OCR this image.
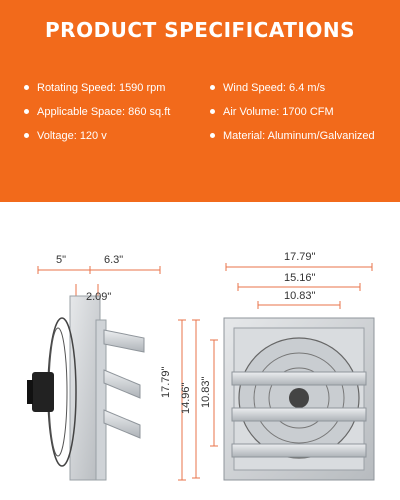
PRODUCT SPECIFICATIONS
Rotating Speed: 1590 rpm	Wind Speed: 6.4 m/s
Applicable Space: 860 sq.ft	Air Volume: 1700 CFM
Voltage: 120 v	Material: Aluminum/Galvanized
5"	6.3"
2.09"
17.79"
17.79"
15.16"
10.83"
14.96" 10.83"
